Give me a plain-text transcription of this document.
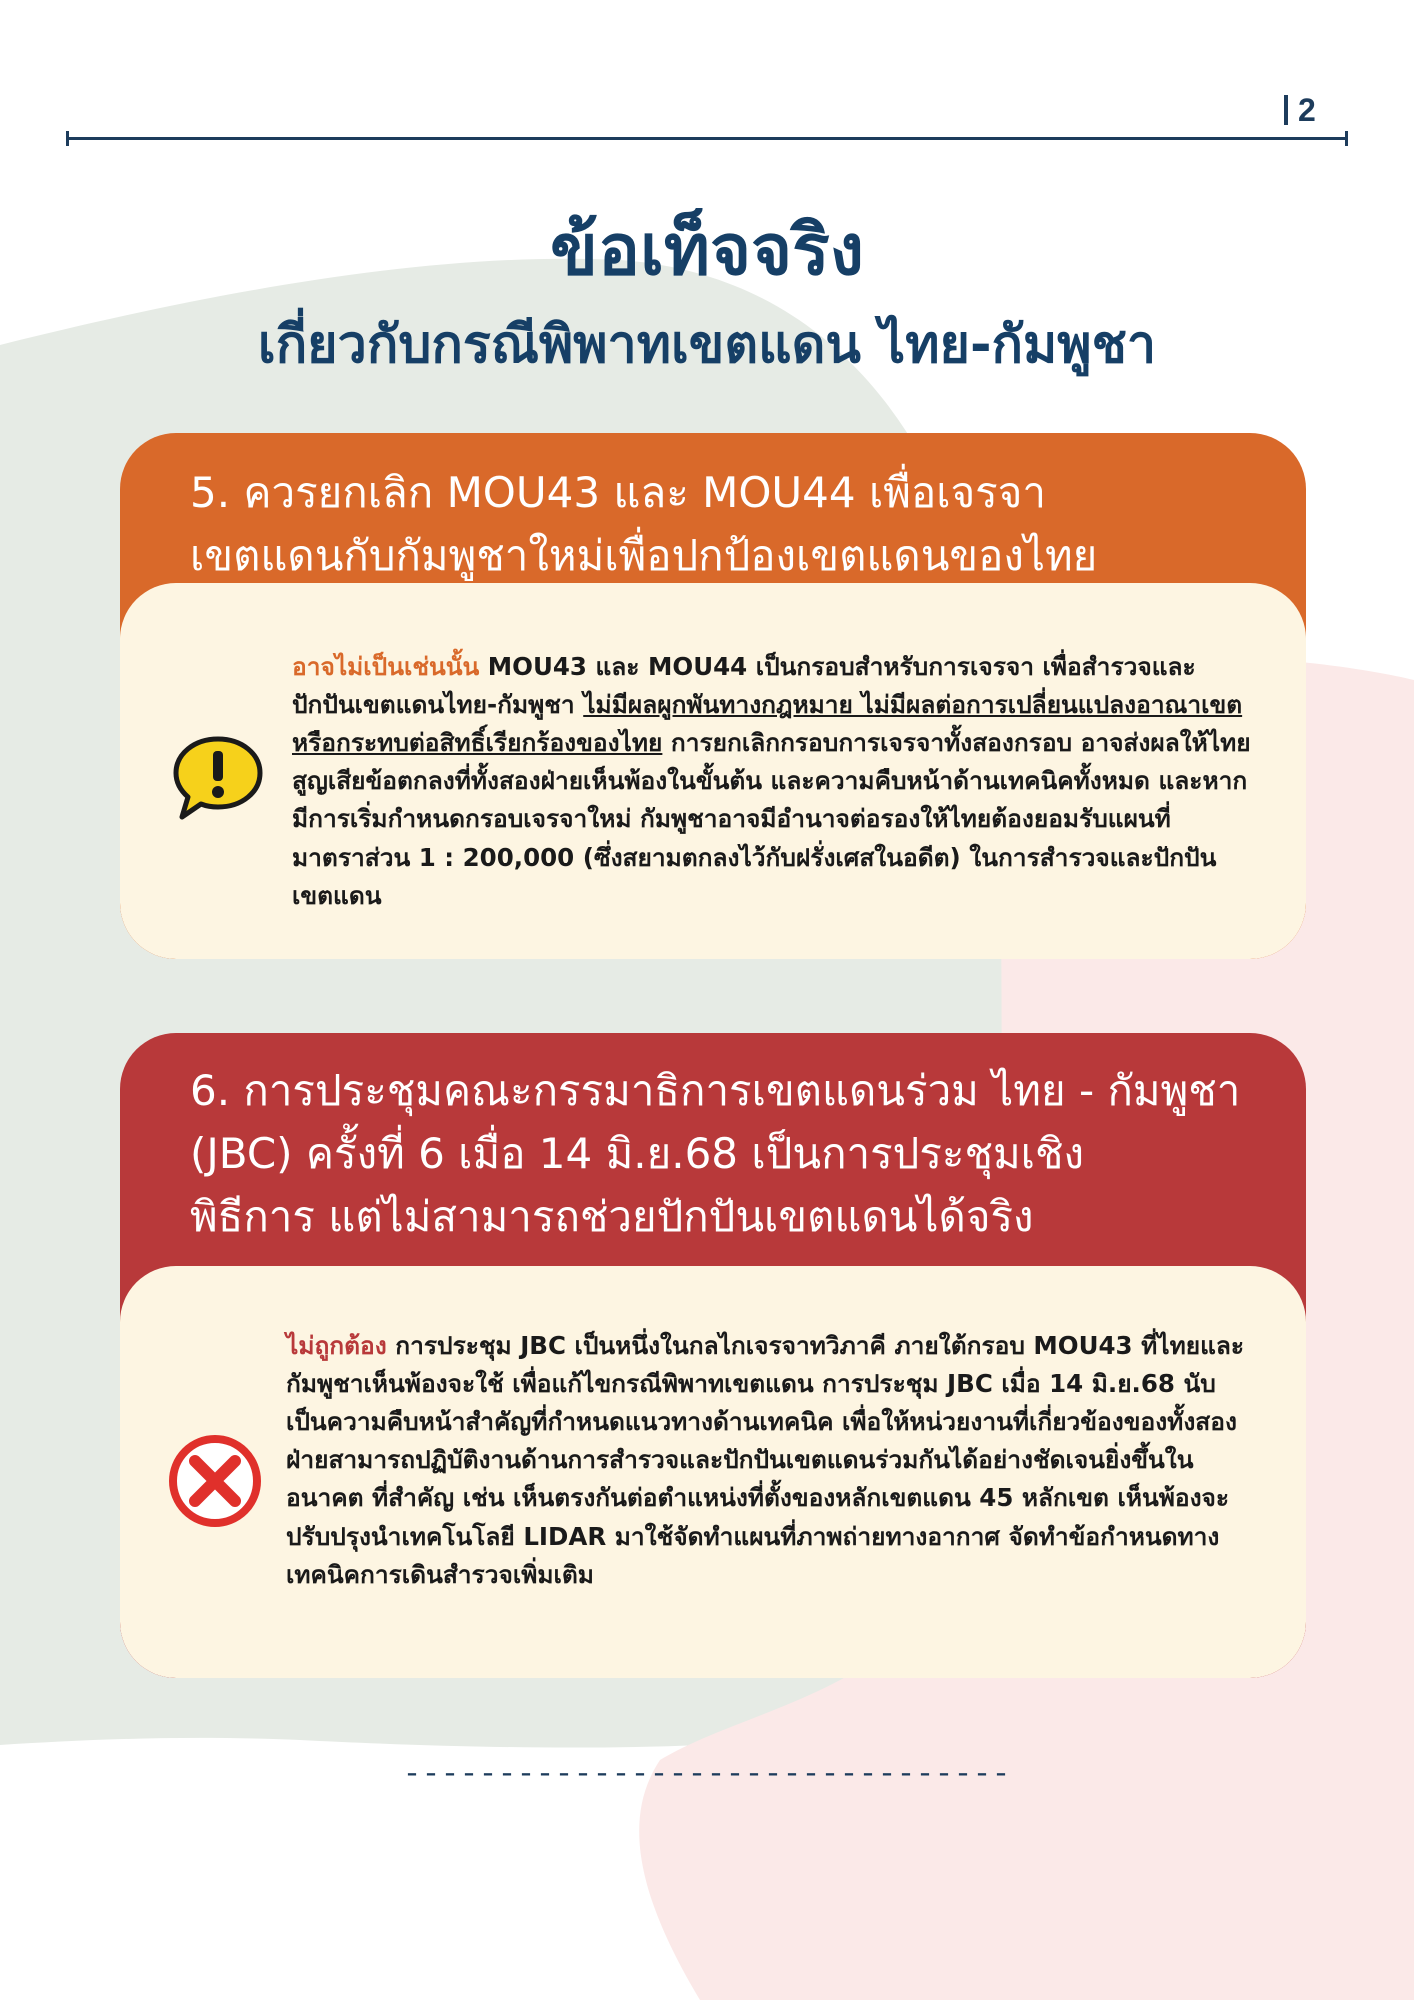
2
ข้อเท็จจริง
เกี่ยวกับกรณีพิพาทเขตแดน ไทย-กัมพูชา
5. ควรยกเลิก MOU43 และ MOU44 เพื่อเจรจา
เขตแดนกับกัมพูชาใหม่เพื่อปกป้องเขตแดนของไทย

อาจไม่เป็นเช่นนั้น MOU43 และ MOU44 เป็นกรอบสำหรับการเจรจา เพื่อสำรวจและปักปันเขตแดนไทย-กัมพูชา ไม่มีผลผูกพันทางกฎหมาย ไม่มีผลต่อการเปลี่ยนแปลงอาณาเขต หรือกระทบต่อสิทธิ์เรียกร้องของไทย การยกเลิกกรอบการเจรจาทั้งสองกรอบ อาจส่งผลให้ไทยสูญเสียข้อตกลงที่ทั้งสองฝ่ายเห็นพ้องในขั้นต้น และความคืบหน้าด้านเทคนิคทั้งหมด และหากมีการเริ่มกำหนดกรอบเจรจาใหม่ กัมพูชาอาจมีอำนาจต่อรองให้ไทยต้องยอมรับแผนที่มาตราส่วน 1 : 200,000 (ซึ่งสยามตกลงไว้กับฝรั่งเศสในอดีต) ในการสำรวจและปักปันเขตแดน

6. การประชุมคณะกรรมาธิการเขตแดนร่วม ไทย - กัมพูชา
(JBC) ครั้งที่ 6 เมื่อ 14 มิ.ย.68 เป็นการประชุมเชิง
พิธีการ แต่ไม่สามารถช่วยปักปันเขตแดนได้จริง

ไม่ถูกต้อง การประชุม JBC เป็นหนึ่งในกลไกเจรจาทวิภาคี ภายใต้กรอบ MOU43 ที่ไทยและกัมพูชาเห็นพ้องจะใช้ เพื่อแก้ไขกรณีพิพาทเขตแดน การประชุม JBC เมื่อ 14 มิ.ย.68 นับเป็นความคืบหน้าสำคัญที่กำหนดแนวทางด้านเทคนิค เพื่อให้หน่วยงานที่เกี่ยวข้องของทั้งสองฝ่ายสามารถปฏิบัติงานด้านการสำรวจและปักปันเขตแดนร่วมกันได้อย่างชัดเจนยิ่งขึ้นในอนาคต ที่สำคัญ เช่น เห็นตรงกันต่อตำแหน่งที่ตั้งของหลักเขตแดน 45 หลักเขต เห็นพ้องจะปรับปรุงนำเทคโนโลยี LIDAR มาใช้จัดทำแผนที่ภาพถ่ายทางอากาศ จัดทำข้อกำหนดทางเทคนิคการเดินสำรวจเพิ่มเติม

--------------------------------
